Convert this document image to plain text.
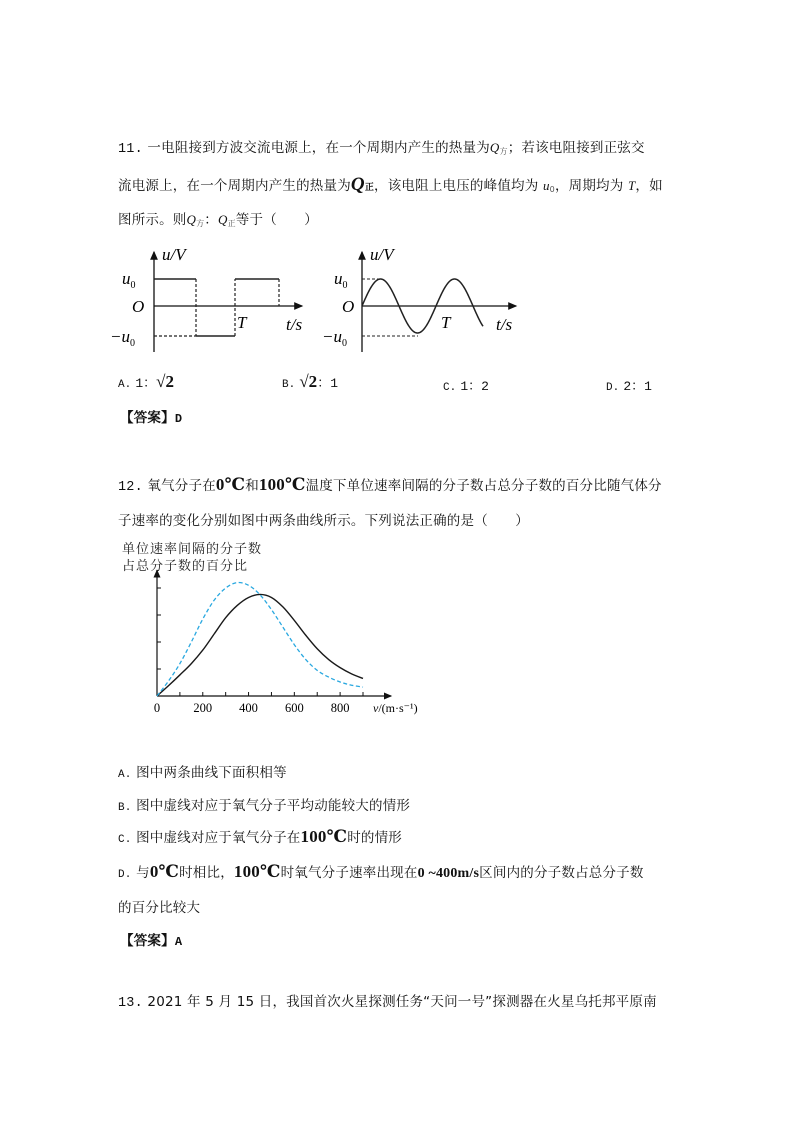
11. 一电阻接到方波交流电源上，在一个周期内产生的热量为$Q_方$；若该电阻接到正弦交
流电源上，在一个周期内产生的热量为Q正，该电阻上电压的峰值均为 $u_0$，周期均为 T，如
图所示。则$Q_方$：$Q_正$等于（　　）
u/V
$u_0$
O
$-u_0$
T t/s
u/V
$u_0$
O
$-u_0$
T	t/s
A. 1：√2	B. √2：1	C. 1：2	D. 2：1
【答案】D
12. 氧气分子在0℃和100℃温度下单位速率间隔的分子数占总分子数的百分比随气体分
子速率的变化分别如图中两条曲线所示。下列说法正确的是（　　）
单位速率间隔的分子数
占总分子数的百分比
0	200 400 600 800 v/(m·s⁻¹)
A. 图中两条曲线下面积相等
B. 图中虚线对应于氧气分子平均动能较大的情形
C. 图中虚线对应于氧气分子在100℃时的情形
D. 与0℃时相比，100℃时氧气分子速率出现在0 ~400m/s区间内的分子数占总分子数
的百分比较大
【答案】A
13. 2021 年 5 月 15 日，我国首次火星探测任务“天问一号”探测器在火星乌托邦平原南
